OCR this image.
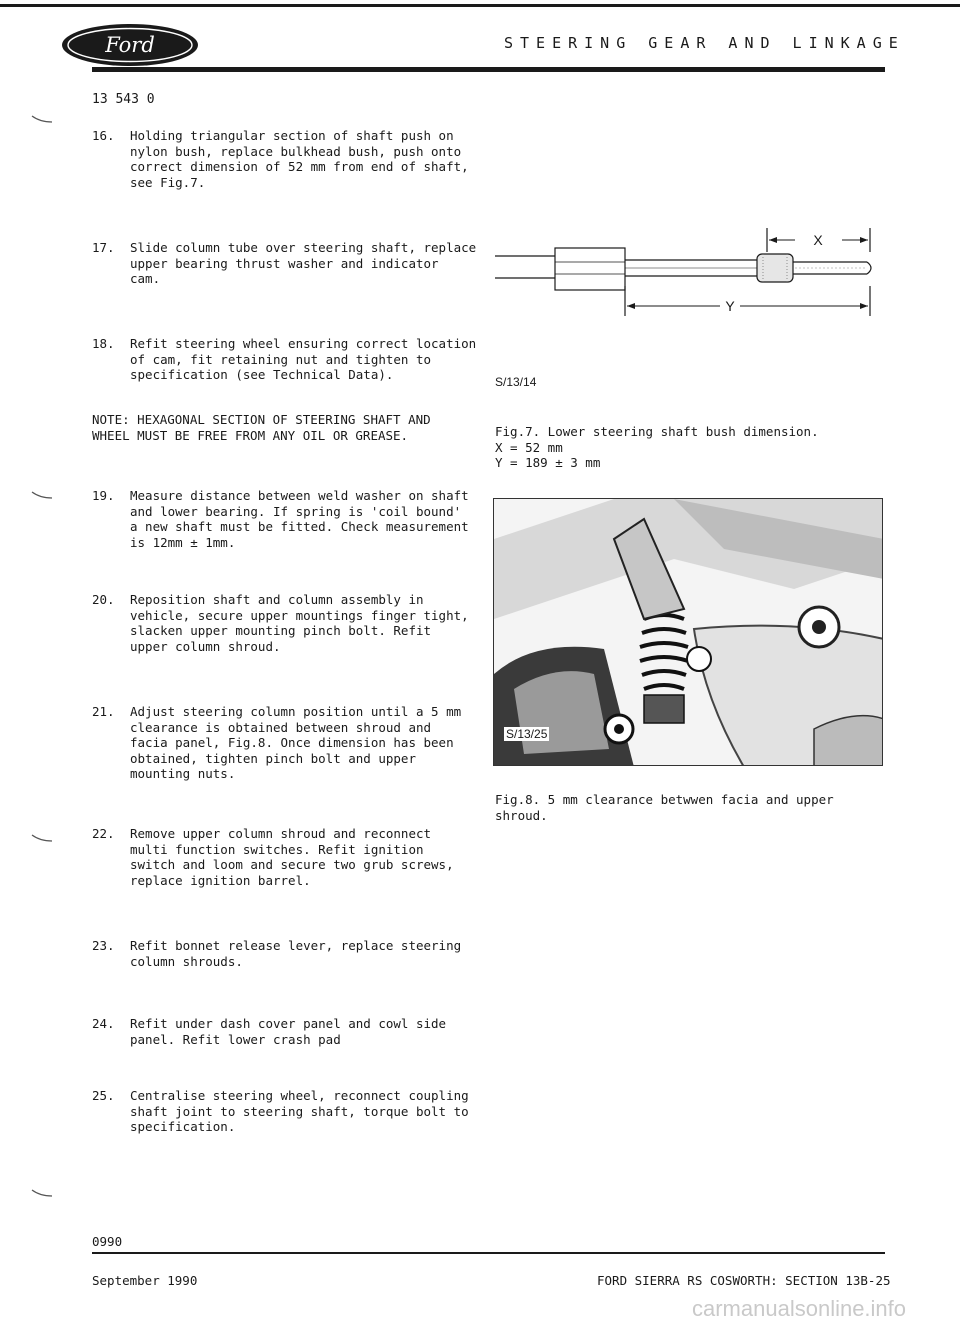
Ford	STEERING GEAR AND LINKAGE
13 543 0
16. Holding triangular section of shaft push on
nylon bush, replace bulkhead bush, push onto
correct dimension of 52 mm from end of shaft,
see Fig.7.
17. Slide column tube over steering shaft, replace
upper bearing thrust washer and indicator
cam.
18. Refit steering wheel ensuring correct location
of cam, fit retaining nut and tighten to
specification (see Technical Data).
NOTE: HEXAGONAL SECTION OF STEERING SHAFT AND
WHEEL MUST BE FREE FROM ANY OIL OR GREASE.
19. Measure distance between weld washer on shaft
and lower bearing. If spring is 'coil bound'
a new shaft must be fitted. Check measurement
is 12mm ± 1mm.
20. Reposition shaft and column assembly in
vehicle, secure upper mountings finger tight,
slacken upper mounting pinch bolt. Refit
upper column shroud.
21. Adjust steering column position until a 5 mm
clearance is obtained between shroud and
facia panel, Fig.8. Once dimension has been
obtained, tighten pinch bolt and upper
mounting nuts.
22. Remove upper column shroud and reconnect
multi function switches. Refit ignition
switch and loom and secure two grub screws,
replace ignition barrel.
23. Refit bonnet release lever, replace steering
column shrouds.
24. Refit under dash cover panel and cowl side
panel. Refit lower crash pad
25. Centralise steering wheel, reconnect coupling
shaft joint to steering shaft, torque bolt to
specification.
X
Y
S/13/14
Fig.7. Lower steering shaft bush dimension.
X = 52 mm
Y = 189 ± 3 mm
S/13/25
Fig.8. 5 mm clearance betwwen facia and upper
shroud.
0990
September 1990	FORD SIERRA RS COSWORTH: SECTION 13B-25
carmanualsonline.info
